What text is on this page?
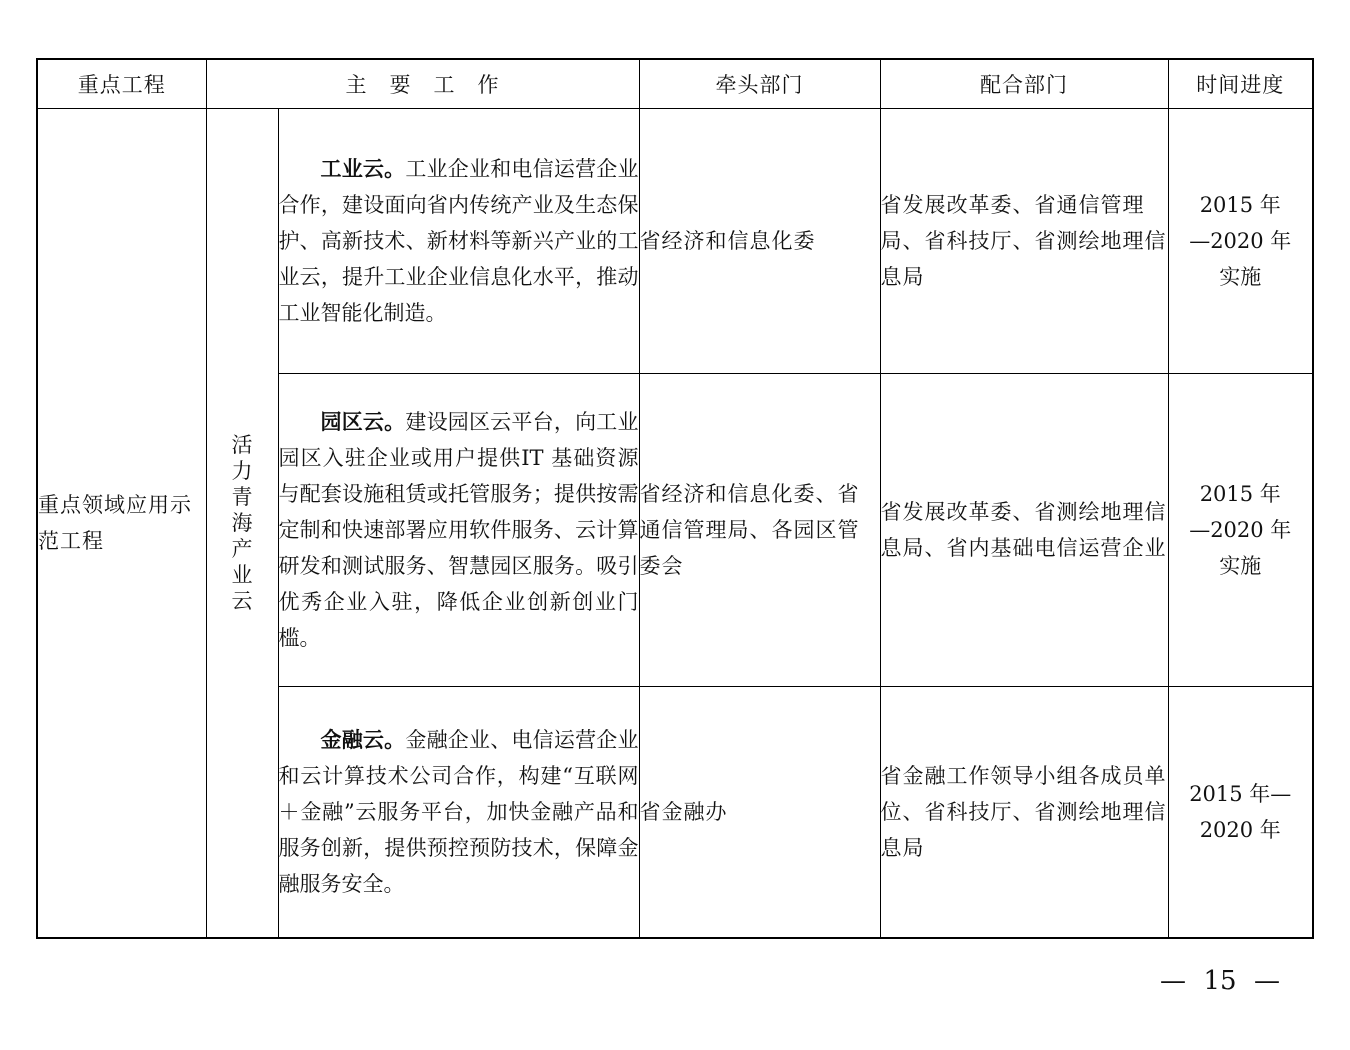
重点工程	主　要　工　作		牵头部门	配合部门	时间进度
重点领域应用示范工程	活力青海产业云	工业云。工业企业和电信运营企业合作，建设面向省内传统产业及生态保护、高新技术、新材料等新兴产业的工业云，提升工业企业信息化水平，推动工业智能化制造。	省经济和信息化委	省发展改革委、省通信管理局、省科技厅、省测绘地理信息局	2015 年
—2020 年
实施

		园区云。建设园区云平台，向工业园区入驻企业或用户提供IT 基础资源与配套设施租赁或托管服务；提供按需定制和快速部署应用软件服务、云计算研发和测试服务、智慧园区服务。吸引优秀企业入驻，降低企业创新创业门槛。	省经济和信息化委、省通信管理局、各园区管委会	省发展改革委、省测绘地理信息局、省内基础电信运营企业	2015 年
—2020 年
实施

		金融云。金融企业、电信运营企业和云计算技术公司合作，构建“互联网＋金融”云服务平台，加快金融产品和服务创新，提供预控预防技术，保障金融服务安全。	省金融办	省金融工作领导小组各成员单位、省科技厅、省测绘地理信息局	2015 年—
2020 年
— 15 —
